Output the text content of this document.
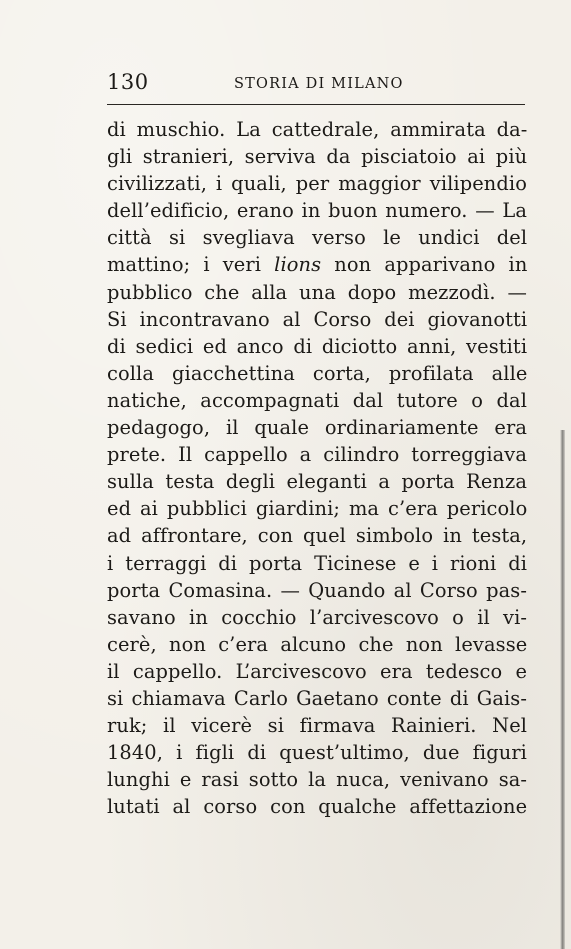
130	STORIA DI MILANO
di muschio. La cattedrale, ammirata da-
gli stranieri, serviva da pisciatoio ai più
civilizzati, i quali, per maggior vilipendio
dell’edificio, erano in buon numero. — La
città si svegliava verso le undici del
mattino; i veri lions non apparivano in
pubblico che alla una dopo mezzodì. —
Si incontravano al Corso dei giovanotti
di sedici ed anco di diciotto anni, vestiti
colla giacchettina corta, profilata alle
natiche, accompagnati dal tutore o dal
pedagogo, il quale ordinariamente era
prete. Il cappello a cilindro torreggiava
sulla testa degli eleganti a porta Renza
ed ai pubblici giardini; ma c’era pericolo
ad affrontare, con quel simbolo in testa,
i terraggi di porta Ticinese e i rioni di
porta Comasina. — Quando al Corso pas-
savano in cocchio l’arcivescovo o il vi-
cerè, non c’era alcuno che non levasse
il cappello. L’arcivescovo era tedesco e
si chiamava Carlo Gaetano conte di Gais-
ruk; il vicerè si firmava Rainieri. Nel
1840, i figli di quest’ultimo, due figuri
lunghi e rasi sotto la nuca, venivano sa-
lutati al corso con qualche affettazione
